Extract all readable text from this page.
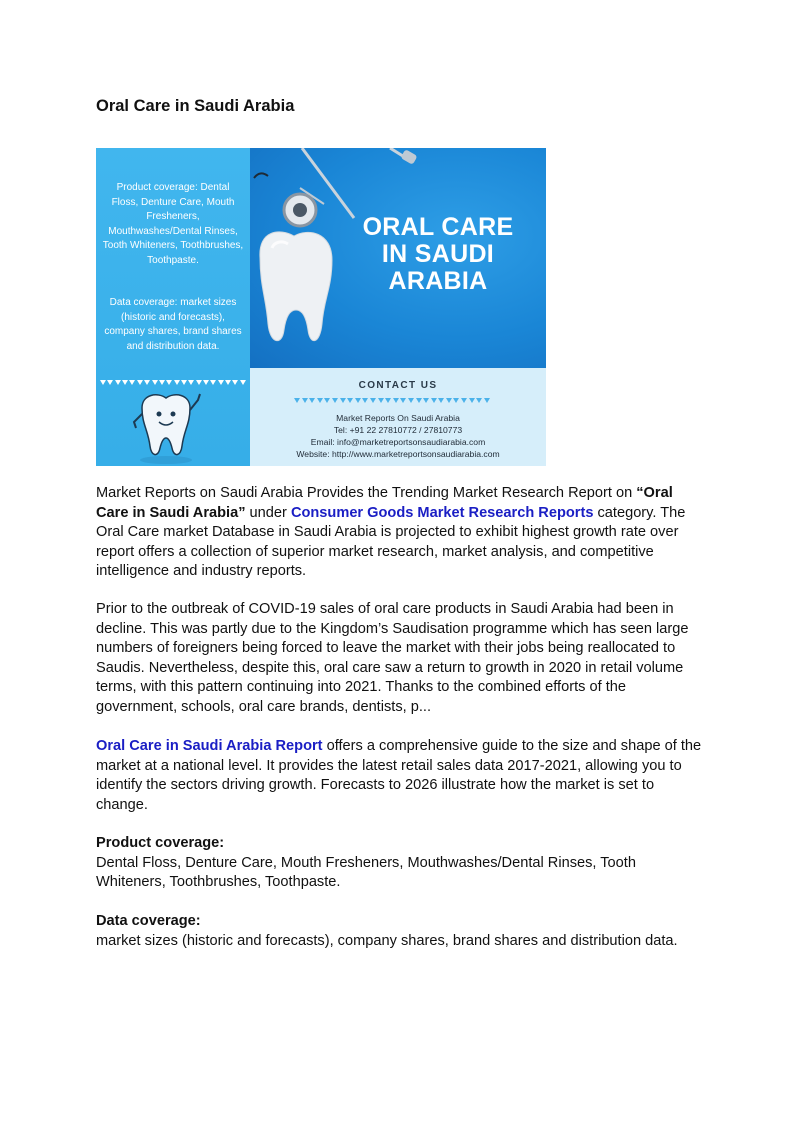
Oral Care in Saudi Arabia
Product coverage: Dental Floss, Denture Care, Mouth Fresheners, Mouthwashes/Dental Rinses, Tooth Whiteners, Toothbrushes, Toothpaste.
Data coverage: market sizes (historic and forecasts), company shares, brand shares and distribution data.
ORAL CARE
IN SAUDI
ARABIA
CONTACT US
Market Reports On Saudi Arabia
Tel: +91 22 27810772 / 27810773
Email: info@marketreportsonsaudiarabia.com
Website: http://www.marketreportsonsaudiarabia.com
Market Reports on Saudi Arabia Provides the Trending Market Research Report on “Oral Care in Saudi Arabia” under Consumer Goods Market Research Reports category. The Oral Care market Database in Saudi Arabia is projected to exhibit highest growth rate over report offers a collection of superior market research, market analysis, and competitive intelligence and industry reports.
Prior to the outbreak of COVID-19 sales of oral care products in Saudi Arabia had been in decline. This was partly due to the Kingdom’s Saudisation programme which has seen large numbers of foreigners being forced to leave the market with their jobs being reallocated to Saudis. Nevertheless, despite this, oral care saw a return to growth in 2020 in retail volume terms, with this pattern continuing into 2021. Thanks to the combined efforts of the government, schools, oral care brands, dentists, p...
Oral Care in Saudi Arabia Report offers a comprehensive guide to the size and shape of the market at a national level. It provides the latest retail sales data 2017-2021, allowing you to identify the sectors driving growth. Forecasts to 2026 illustrate how the market is set to change.
Product coverage:
Dental Floss, Denture Care, Mouth Fresheners, Mouthwashes/Dental Rinses, Tooth Whiteners, Toothbrushes, Toothpaste.
Data coverage:
market sizes (historic and forecasts), company shares, brand shares and distribution data.
